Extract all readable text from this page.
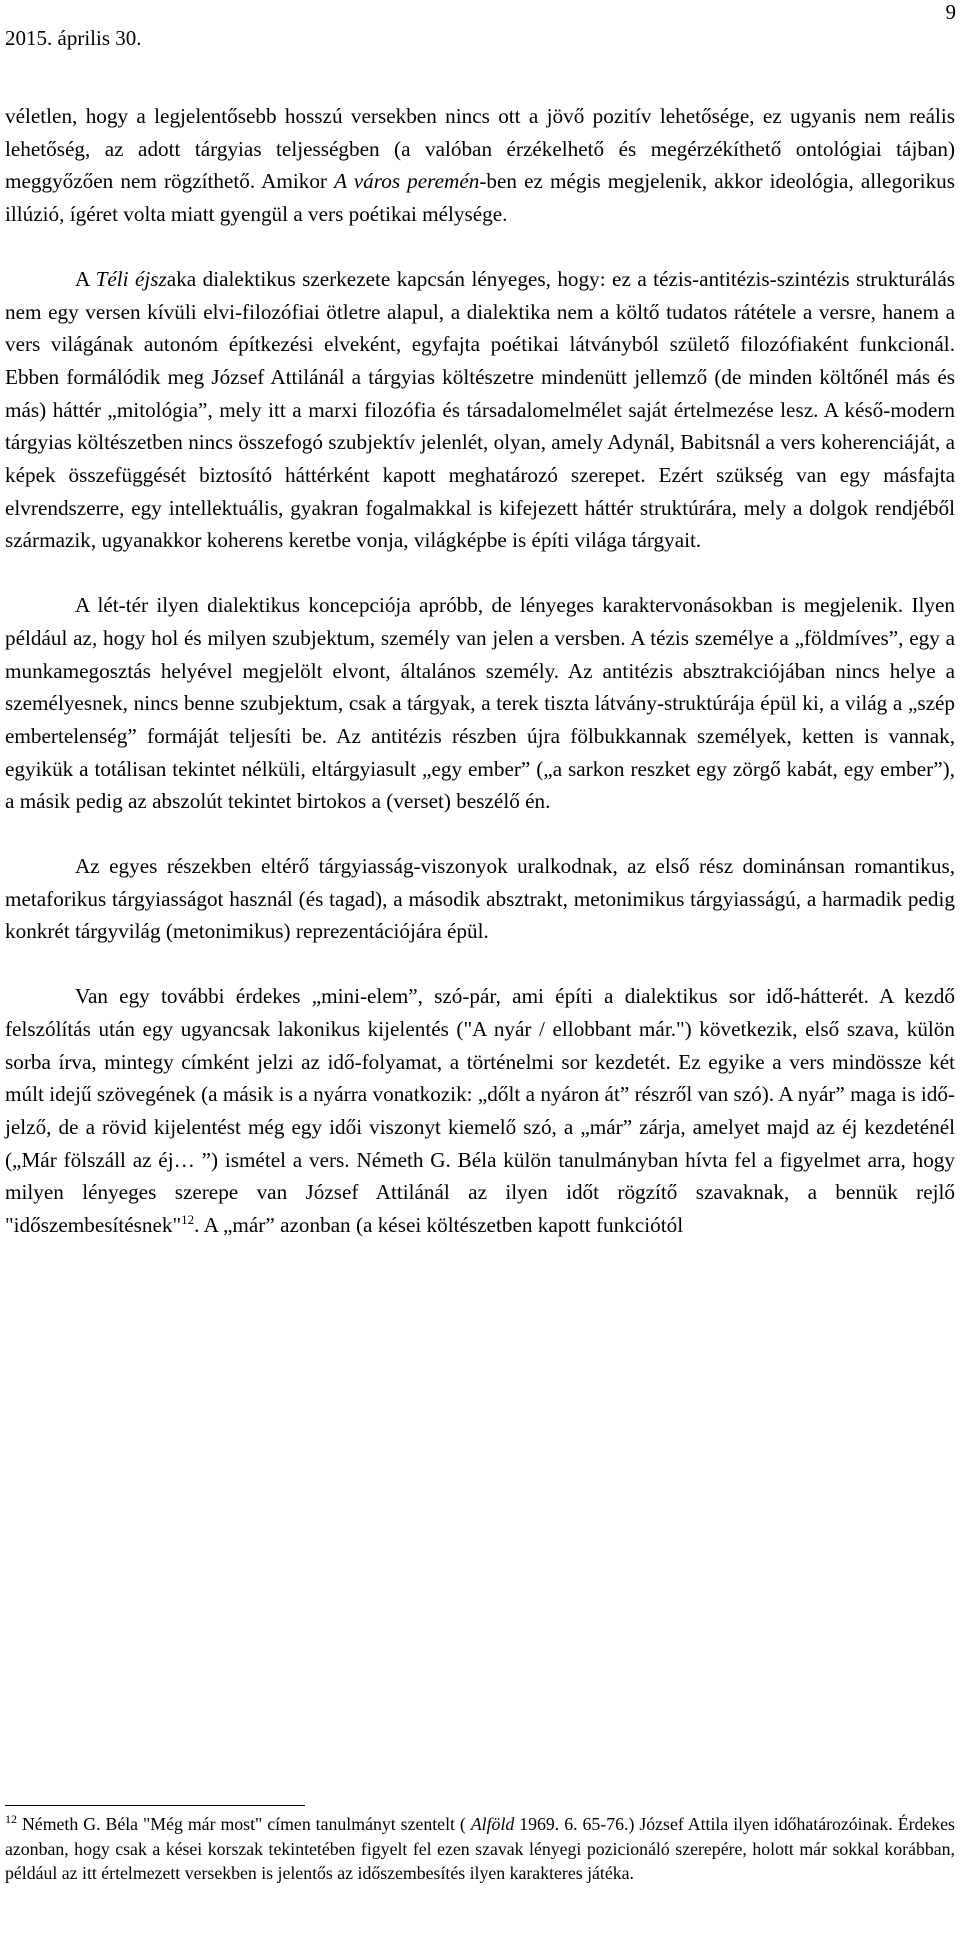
2015. április 30.
9

véletlen, hogy a legjelentősebb hosszú versekben nincs ott a jövő pozitív lehetősége, ez ugyanis nem reális lehetőség, az adott tárgyias teljességben (a valóban érzékelhető és megérzékíthető ontológiai tájban) meggyőzően nem rögzíthető. Amikor A város peremén-ben ez mégis megjelenik, akkor ideológia, allegorikus illúzió, ígéret volta miatt gyengül a vers poétikai mélysége.

A Téli éjszaka dialektikus szerkezete kapcsán lényeges, hogy: ez a tézis-antitézis-szintézis strukturálás nem egy versen kívüli elvi-filozófiai ötletre alapul, a dialektika nem a költő tudatos rátétele a versre, hanem a vers világának autonóm építkezési elveként, egyfajta poétikai látványból születő filozófiaként funkcionál. Ebben formálódik meg József Attilánál a tárgyias költészetre mindenütt jellemző (de minden költőnél más és más) háttér „mitológia”, mely itt a marxi filozófia és társadalomelmélet saját értelmezése lesz. A késő-modern tárgyias költészetben nincs összefogó szubjektív jelenlét, olyan, amely Adynál, Babitsnál a vers koherenciáját, a képek összefüggését biztosító háttérként kapott meghatározó szerepet. Ezért szükség van egy másfajta elvrendszerre, egy intellektuális, gyakran fogalmakkal is kifejezett háttér struktúrára, mely a dolgok rendjéből származik, ugyanakkor koherens keretbe vonja, világképbe is építi világa tárgyait.

A lét-tér ilyen dialektikus koncepciója apróbb, de lényeges karaktervonásokban is megjelenik. Ilyen például az, hogy hol és milyen szubjektum, személy van jelen a versben. A tézis személye a „földmíves”, egy a munkamegosztás helyével megjelölt elvont, általános személy. Az antitézis absztrakciójában nincs helye a személyesnek, nincs benne szubjektum, csak a tárgyak, a terek tiszta látvány-struktúrája épül ki, a világ a „szép embertelenség” formáját teljesíti be. Az antitézis részben újra fölbukkannak személyek, ketten is vannak, egyikük a totálisan tekintet nélküli, eltárgyiasult „egy ember” („a sarkon reszket egy zörgő kabát, egy ember”), a másik pedig az abszolút tekintet birtokos a (verset) beszélő én.

Az egyes részekben eltérő tárgyiasság-viszonyok uralkodnak, az első rész dominánsan romantikus, metaforikus tárgyiasságot használ (és tagad), a második absztrakt, metonimikus tárgyiasságú, a harmadik pedig konkrét tárgyvilág (metonimikus) reprezentációjára épül.

Van egy további érdekes „mini-elem”, szó-pár, ami építi a dialektikus sor idő-hátterét. A kezdő felszólítás után egy ugyancsak lakonikus kijelentés ("A nyár / ellobbant már.") következik, első szava, külön sorba írva, mintegy címként jelzi az idő-folyamat, a történelmi sor kezdetét. Ez egyike a vers mindössze két múlt idejű szövegének (a másik is a nyárra vonatkozik: „dőlt a nyáron át” részről van szó). A nyár” maga is idő-jelző, de a rövid kijelentést még egy idői viszonyt kiemelő szó, a „már” zárja, amelyet majd az éj kezdeténél („Már fölszáll az éj… ”) ismétel a vers. Németh G. Béla külön tanulmányban hívta fel a figyelmet arra, hogy milyen lényeges szerepe van József Attilánál az ilyen időt rögzítő szavaknak, a bennük rejlő "időszembesítésnek"$^{12}$. A „már” azonban (a kései költészetben kapott funkciótól

$^{12}$ Németh G. Béla "Még már most" címen tanulmányt szentelt ( Alföld 1969. 6. 65-76.) József Attila ilyen időhatározóinak. Érdekes azonban, hogy csak a kései korszak tekintetében figyelt fel ezen szavak lényegi pozicionáló szerepére, holott már sokkal korábban, például az itt értelmezett versekben is jelentős az időszembesítés ilyen karakteres játéka.
